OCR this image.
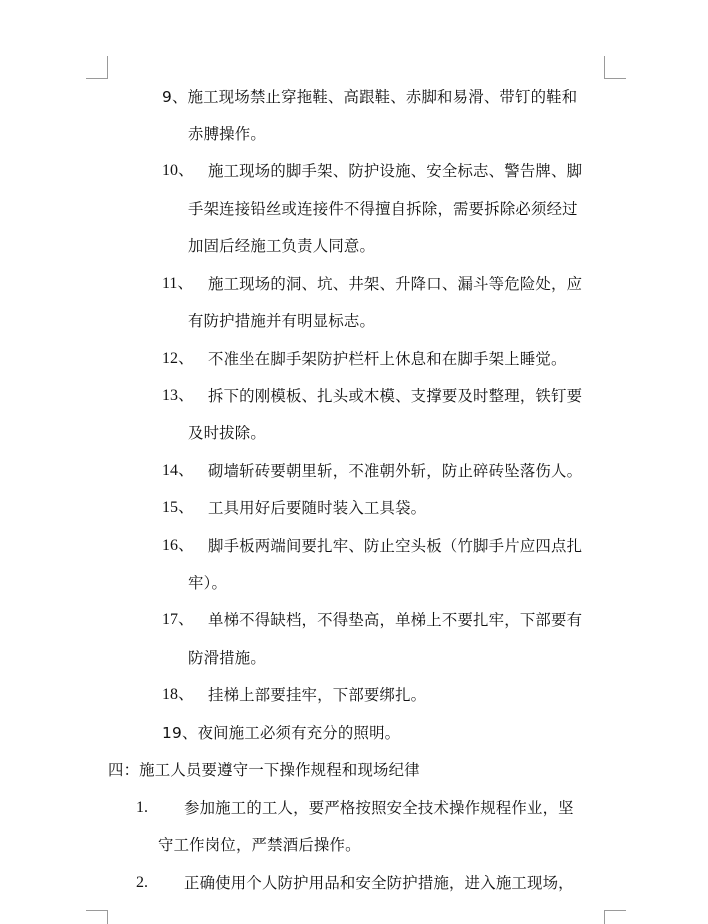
9、施工现场禁止穿拖鞋、高跟鞋、赤脚和易滑、带钉的鞋和
赤膊操作。
10、 施工现场的脚手架、防护设施、安全标志、警告牌、脚
手架连接铅丝或连接件不得擅自拆除，需要拆除必须经过
加固后经施工负责人同意。
11、 施工现场的洞、坑、井架、升降口、漏斗等危险处，应
有防护措施并有明显标志。
12、 不准坐在脚手架防护栏杆上休息和在脚手架上睡觉。
13、 拆下的刚模板、扎头或木模、支撑要及时整理，铁钉要
及时拔除。
14、 砌墙斩砖要朝里斩，不准朝外斩，防止碎砖坠落伤人。
15、 工具用好后要随时装入工具袋。
16、 脚手板两端间要扎牢、防止空头板（竹脚手片应四点扎
牢）。
17、 单梯不得缺档，不得垫高，单梯上不要扎牢，下部要有
防滑措施。
18、 挂梯上部要挂牢，下部要绑扎。
19、夜间施工必须有充分的照明。
四：施工人员要遵守一下操作规程和现场纪律
1. 参加施工的工人，要严格按照安全技术操作规程作业，坚
守工作岗位，严禁酒后操作。
2. 正确使用个人防护用品和安全防护措施，进入施工现场，
